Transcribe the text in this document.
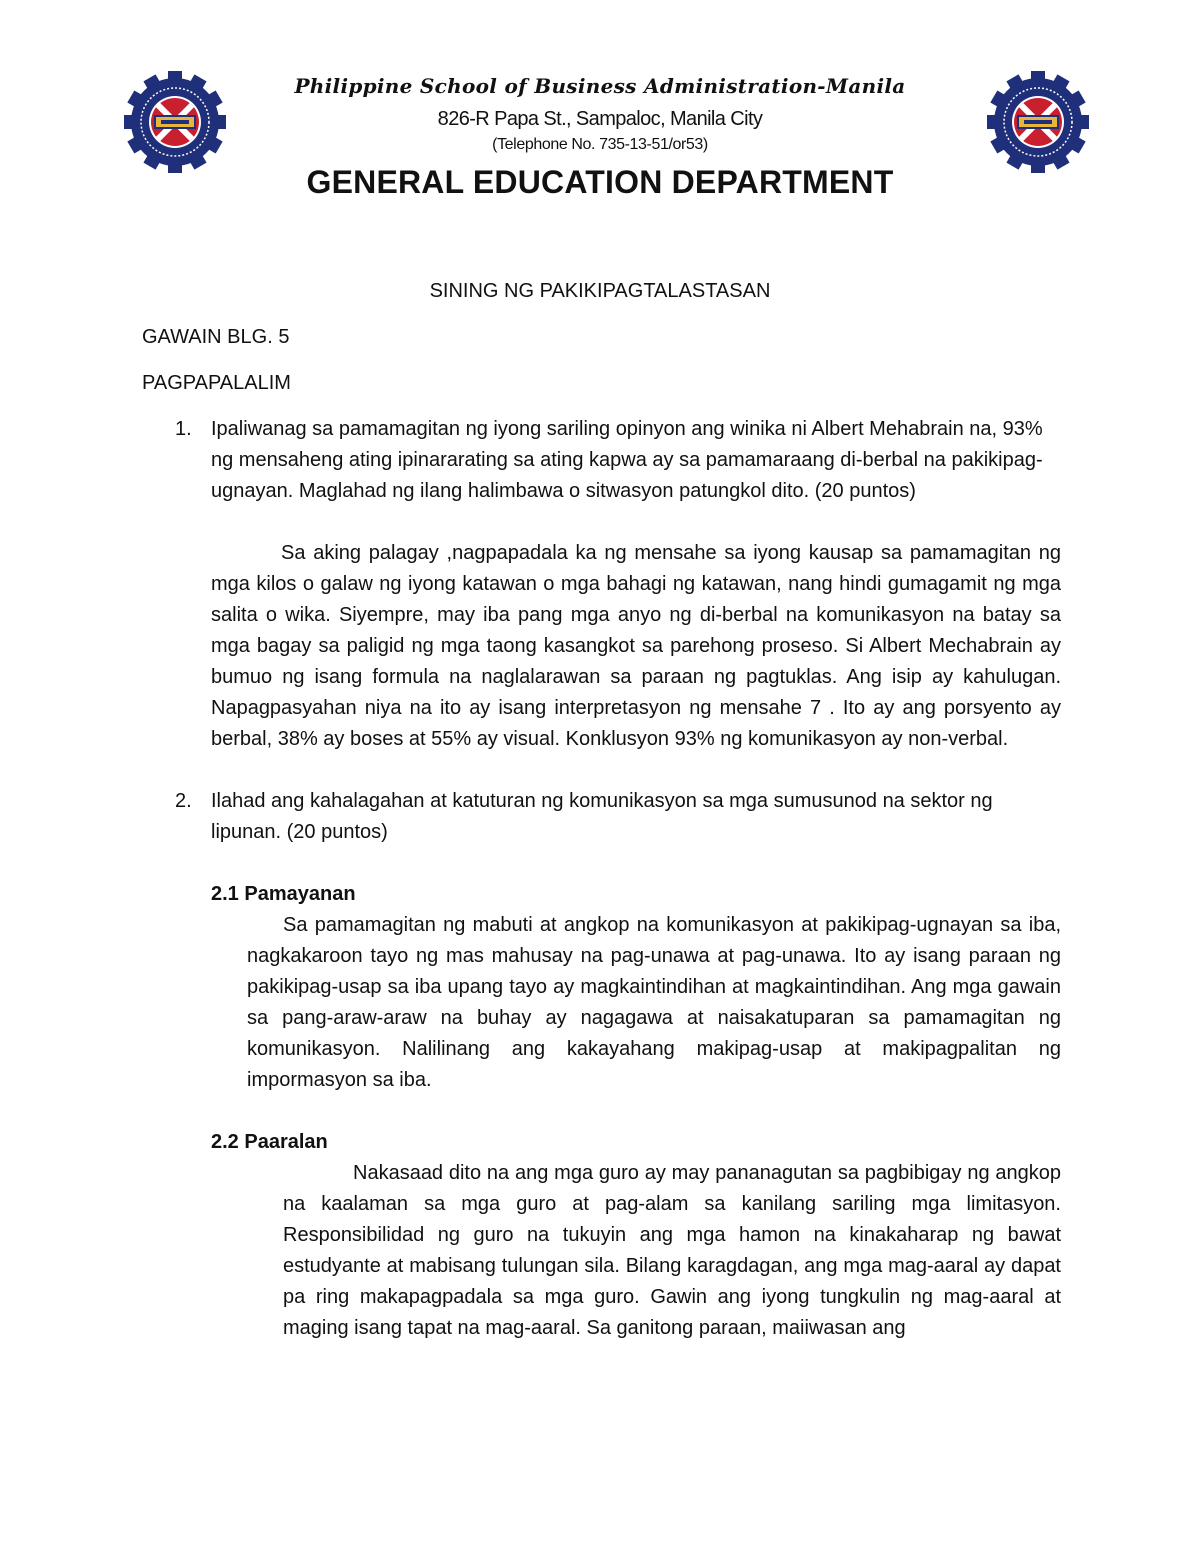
Philippine School of Business Administration-Manila
826-R Papa St., Sampaloc, Manila City
(Telephone No. 735-13-51/or53)
GENERAL EDUCATION DEPARTMENT
SINING NG PAKIKIPAGTALASTASAN
GAWAIN BLG. 5
PAGPAPALALIM
1. Ipaliwanag sa pamamagitan ng iyong sariling opinyon ang winika ni Albert Mehabrain na, 93% ng mensaheng ating ipinararating sa ating kapwa ay sa pamamaraang di-berbal na pakikipag-ugnayan. Maglahad ng ilang halimbawa o sitwasyon patungkol dito. (20 puntos)

Sa aking palagay ,nagpapadala ka ng mensahe sa iyong kausap sa pamamagitan ng mga kilos o galaw ng iyong katawan o mga bahagi ng katawan, nang hindi gumagamit ng mga salita o wika. Siyempre, may iba pang mga anyo ng di-berbal na komunikasyon na batay sa mga bagay sa paligid ng mga taong kasangkot sa parehong proseso. Si Albert Mechabrain ay bumuo ng isang formula na naglalarawan sa paraan ng pagtuklas. Ang isip ay kahulugan. Napagpasyahan niya na ito ay isang interpretasyon ng mensahe 7 . Ito ay ang porsyento ay berbal, 38% ay boses at 55% ay visual. Konklusyon 93% ng komunikasyon ay non-verbal.

2. Ilahad ang kahalagahan at katuturan ng komunikasyon sa mga sumusunod na sektor ng lipunan. (20 puntos)
2.1 Pamayanan

Sa pamamagitan ng mabuti at angkop na komunikasyon at pakikipag-ugnayan sa iba, nagkakaroon tayo ng mas mahusay na pag-unawa at pag-unawa. Ito ay isang paraan ng pakikipag-usap sa iba upang tayo ay magkaintindihan at magkaintindihan. Ang mga gawain sa pang-araw-araw na buhay ay nagagawa at naisakatuparan sa pamamagitan ng komunikasyon. Nalilinang ang kakayahang makipag-usap at makipagpalitan ng impormasyon sa iba.

2.2 Paaralan

Nakasaad dito na ang mga guro ay may pananagutan sa pagbibigay ng angkop na kaalaman sa mga guro at pag-alam sa kanilang sariling mga limitasyon. Responsibilidad ng guro na tukuyin ang mga hamon na kinakaharap ng bawat estudyante at mabisang tulungan sila. Bilang karagdagan, ang mga mag-aaral ay dapat pa ring makapagpadala sa mga guro. Gawin ang iyong tungkulin ng mag-aaral at maging isang tapat na mag-aaral. Sa ganitong paraan, maiiwasan ang
